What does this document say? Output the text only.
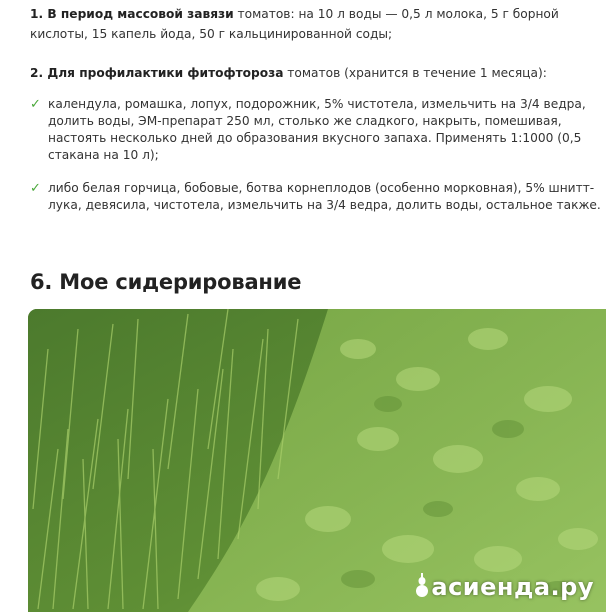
1. В период массовой завязи томатов: на 10 л воды — 0,5 л молока, 5 г борной кислоты, 15 капель йода, 50 г кальцинированной соды;

2. Для профилактики фитофтороза томатов (хранится в течение 1 месяца):

✓ календула, ромашка, лопух, подорожник, 5% чистотела, измельчить на 3/4 ведра, долить воды, ЭМ-препарат 250 мл, столько же сладкого, накрыть, помешивая, настоять несколько дней до образования вкусного запаха. Применять 1:1000 (0,5 стакана на 10 л);
✓ либо белая горчица, бобовые, ботва корнеплодов (особенно морковная), 5% шнитт-лука, девясила, чистотела, измельчить на 3/4 ведра, долить воды, остальное также.
6. Мое сидерирование
асиенда.ру
